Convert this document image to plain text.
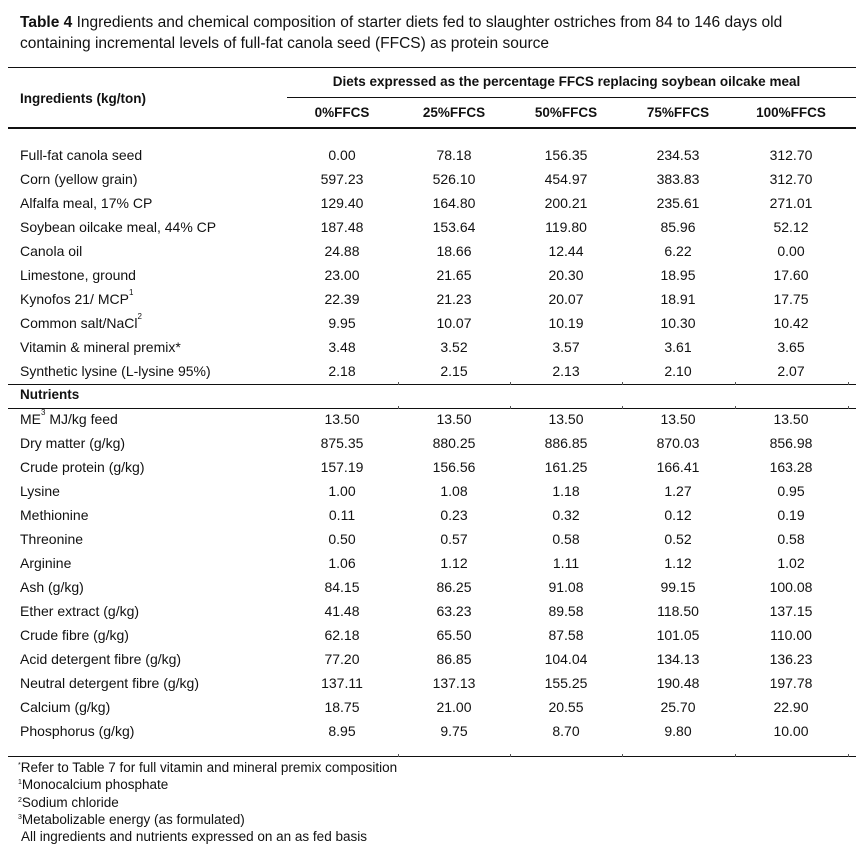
Table 4 Ingredients and chemical composition of starter diets fed to slaughter ostriches from 84 to 146 days old containing incremental levels of full-fat canola seed (FFCS) as protein source
Ingredients (kg/ton)
Diets expressed as the percentage FFCS replacing soybean oilcake meal
0%FFCS	25%FFCS	50%FFCS	75%FFCS	100%FFCS
Full-fat canola seed	0.00	78.18	156.35	234.53	312.70
Corn (yellow grain)	597.23	526.10	454.97	383.83	312.70
Alfalfa meal, 17% CP	129.40	164.80	200.21	235.61	271.01
Soybean oilcake meal, 44% CP	187.48	153.64	119.80	85.96	52.12
Canola oil	24.88	18.66	12.44	6.22	0.00
Limestone, ground	23.00	21.65	20.30	18.95	17.60
Kynofos 21/ MCP$^1$	22.39	21.23	20.07	18.91	17.75
Common salt/NaCl$^2$	9.95	10.07	10.19	10.30	10.42
Vitamin & mineral premix*	3.48	3.52	3.57	3.61	3.65
Synthetic lysine (L-lysine 95%)	2.18	2.15	2.13	2.10	2.07
Nutrients
$ME^3$ MJ/kg feed	13.50	13.50	13.50	13.50	13.50
Dry matter (g/kg)	875.35	880.25	886.85	870.03	856.98
Crude protein (g/kg)	157.19	156.56	161.25	166.41	163.28
Lysine	1.00	1.08	1.18	1.27	0.95
Methionine	0.11	0.23	0.32	0.12	0.19
Threonine	0.50	0.57	0.58	0.52	0.58
Arginine	1.06	1.12	1.11	1.12	1.02
Ash (g/kg)	84.15	86.25	91.08	99.15	100.08
Ether extract (g/kg)	41.48	63.23	89.58	118.50	137.15
Crude fibre (g/kg)	62.18	65.50	87.58	101.05	110.00
Acid detergent fibre (g/kg)	77.20	86.85	104.04	134.13	136.23
Neutral detergent fibre (g/kg)	137.11	137.13	155.25	190.48	197.78
Calcium (g/kg)	18.75	21.00	20.55	25.70	22.90
Phosphorus (g/kg)	8.95	9.75	8.70	9.80	10.00
*Refer to Table 7 for full vitamin and mineral premix composition
$^1$Monocalcium phosphate
$^2$Sodium chloride
$^3$Metabolizable energy (as formulated)
All ingredients and nutrients expressed on an as fed basis
